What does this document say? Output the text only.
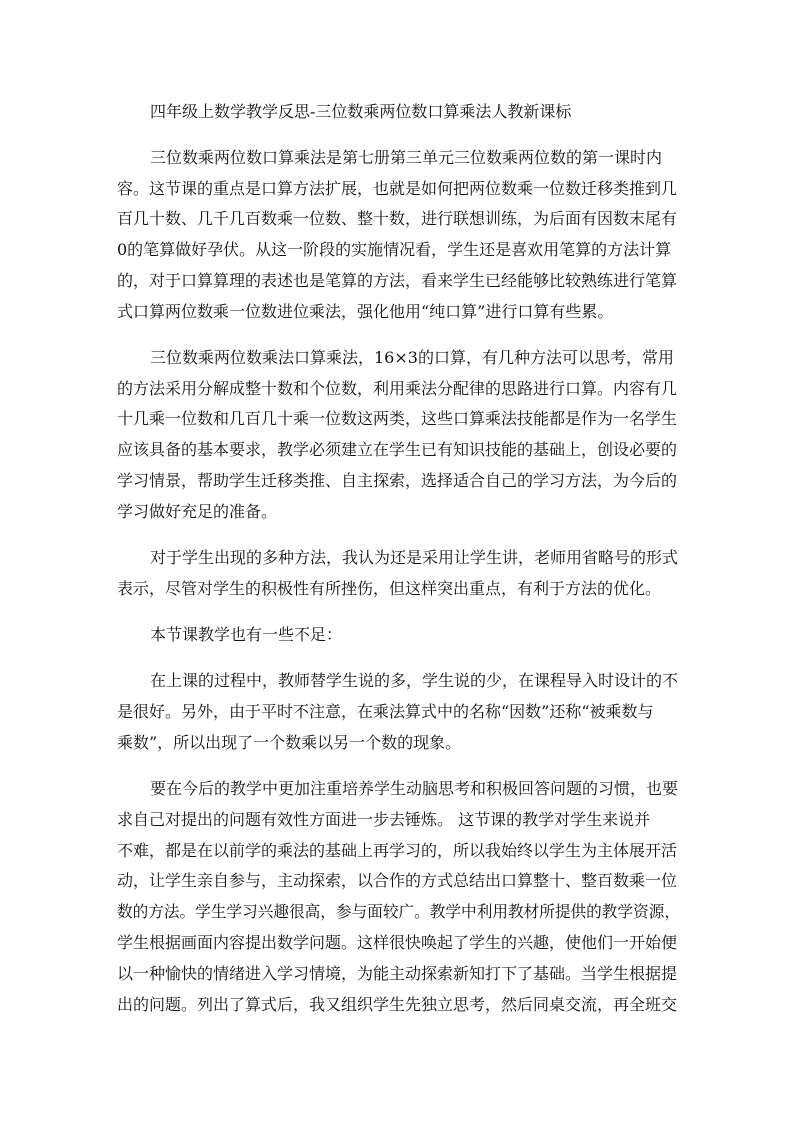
四年级上数学教学反思-三位数乘两位数口算乘法人教新课标
三位数乘两位数口算乘法是第七册第三单元三位数乘两位数的第一课时内
容。这节课的重点是口算方法扩展，也就是如何把两位数乘一位数迁移类推到几
百几十数、几千几百数乘一位数、整十数，进行联想训练，为后面有因数末尾有
0的笔算做好孕伏。从这一阶段的实施情况看，学生还是喜欢用笔算的方法计算
的，对于口算算理的表述也是笔算的方法，看来学生已经能够比较熟练进行笔算
式口算两位数乘一位数进位乘法，强化他用“纯口算”进行口算有些累。
三位数乘两位数乘法口算乘法，16×3的口算，有几种方法可以思考，常用
的方法采用分解成整十数和个位数，利用乘法分配律的思路进行口算。内容有几
十几乘一位数和几百几十乘一位数这两类，这些口算乘法技能都是作为一名学生
应该具备的基本要求，教学必须建立在学生已有知识技能的基础上，创设必要的
学习情景，帮助学生迁移类推、自主探索，选择适合自己的学习方法，为今后的
学习做好充足的准备。
对于学生出现的多种方法，我认为还是采用让学生讲，老师用省略号的形式
表示，尽管对学生的积极性有所挫伤，但这样突出重点，有利于方法的优化。
本节课教学也有一些不足：
在上课的过程中，教师替学生说的多，学生说的少，在课程导入时设计的不
是很好。另外，由于平时不注意，在乘法算式中的名称“因数”还称“被乘数与
乘数”，所以出现了一个数乘以另一个数的现象。
要在今后的教学中更加注重培养学生动脑思考和积极回答问题的习惯，也要
求自己对提出的问题有效性方面进一步去锤炼。 这节课的教学对学生来说并
不难，都是在以前学的乘法的基础上再学习的，所以我始终以学生为主体展开活
动，让学生亲自参与，主动探索，以合作的方式总结出口算整十、整百数乘一位
数的方法。学生学习兴趣很高，参与面较广。教学中利用教材所提供的教学资源，
学生根据画面内容提出数学问题。这样很快唤起了学生的兴趣，使他们一开始便
以一种愉快的情绪进入学习情境，为能主动探索新知打下了基础。当学生根据提
出的问题。列出了算式后，我又组织学生先独立思考，然后同桌交流，再全班交
